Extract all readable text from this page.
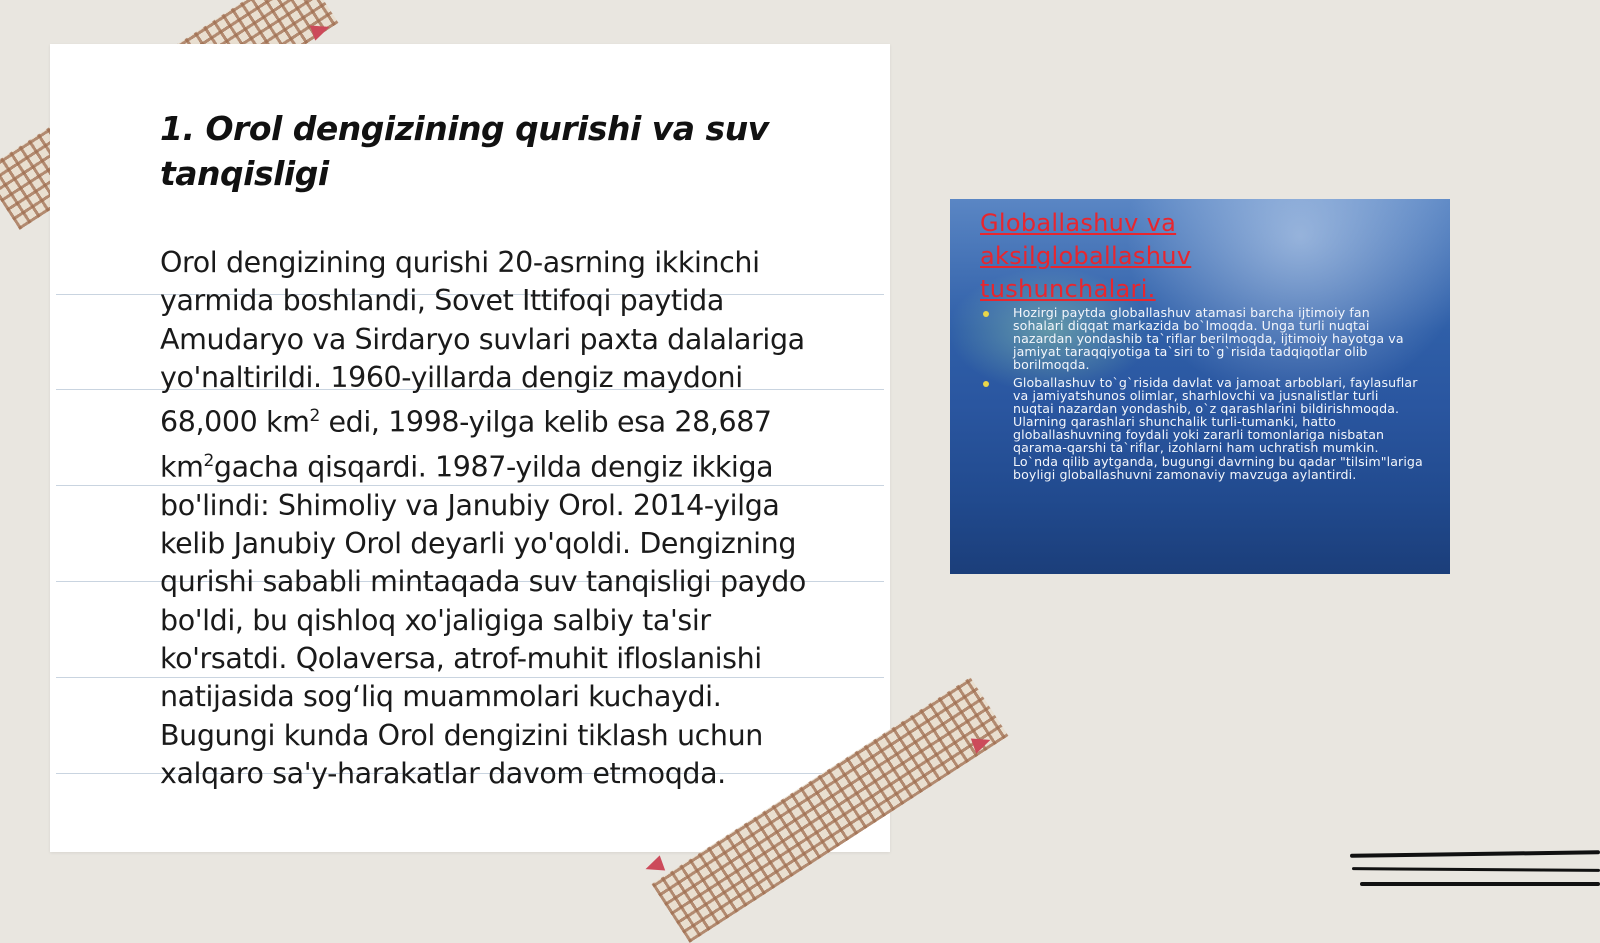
1. Orol dengizining qurishi va suv tanqisligi
Orol dengizining qurishi 20-asrning ikkinchi yarmida boshlandi, Sovet Ittifoqi paytida Amudaryo va Sirdaryo suvlari paxta dalalariga yo'naltirildi. 1960-yillarda dengiz maydoni 68,000 $km^2$ edi, 1998-yilga kelib esa 28,687 $km^2gacha$ qisqardi. 1987-yilda dengiz ikkiga bo'lindi: Shimoliy va Janubiy Orol. 2014-yilga kelib Janubiy Orol deyarli yo'qoldi. Dengizning qurishi sababli mintaqada suv tanqisligi paydo bo'ldi, bu qishloq xo'jaligiga salbiy ta'sir ko'rsatdi. Qolaversa, atrof-muhit ifloslanishi natijasida sog‘liq muammolari kuchaydi. Bugungi kunda Orol dengizini tiklash uchun xalqaro sa'y-harakatlar davom etmoqda.
Globallashuv va aksilgloballashuv tushunchalari.
Hozirgi paytda globallashuv atamasi barcha ijtimoiy fan sohalari diqqat markazida bo`lmoqda. Unga turli nuqtai nazardan yondashib ta`riflar berilmoqda, ijtimoiy hayotga va jamiyat taraqqiyotiga ta`siri to`g`risida tadqiqotlar olib borilmoqda.
Globallashuv to`g`risida davlat va jamoat arboblari, faylasuflar va jamiyatshunos olimlar, sharhlovchi va jusnalistlar turli nuqtai nazardan yondashib, o`z qarashlarini bildirishmoqda. Ularning qarashlari shunchalik turli-tumanki, hatto globallashuvning foydali yoki zararli tomonlariga nisbatan qarama-qarshi ta`riflar, izohlarni ham uchratish mumkin. Lo`nda qilib aytganda, bugungi davrning bu qadar "tilsim"lariga boyligi globallashuvni zamonaviy mavzuga aylantirdi.
